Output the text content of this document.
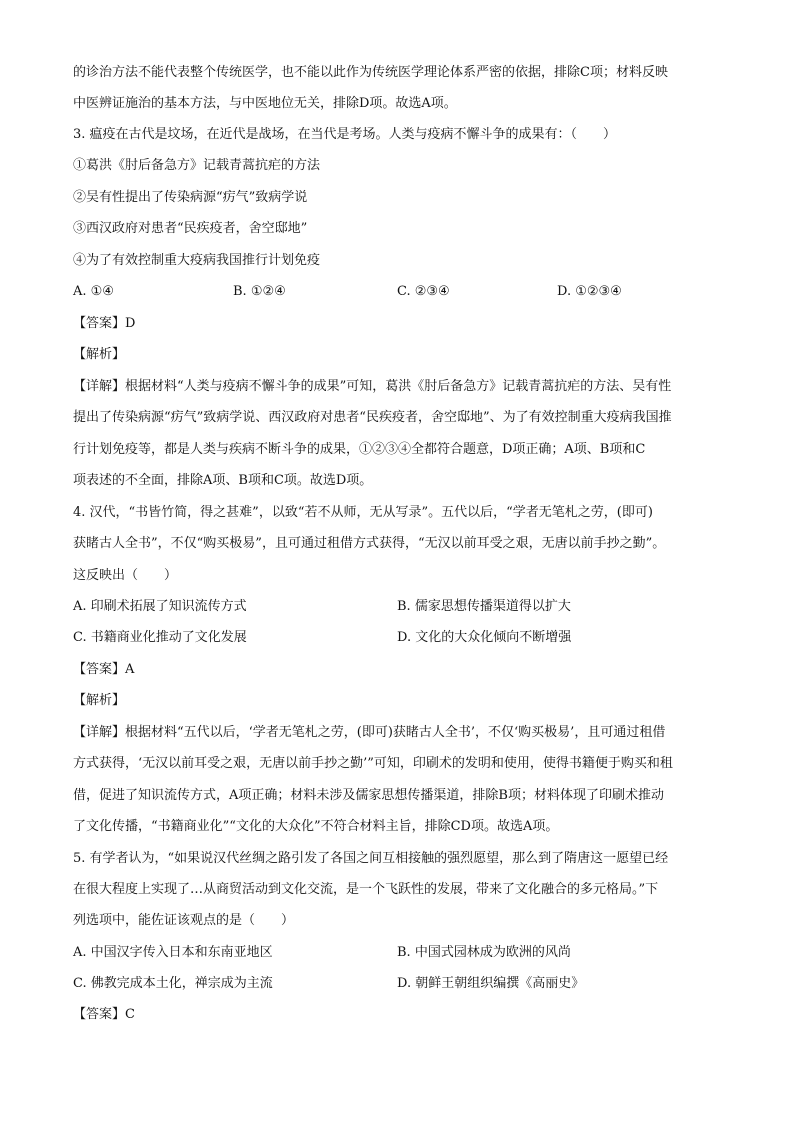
的诊治方法不能代表整个传统医学，也不能以此作为传统医学理论体系严密的依据，排除C项；材料反映
中医辨证施治的基本方法，与中医地位无关，排除D项。故选A项。
3. 瘟疫在古代是坟场，在近代是战场，在当代是考场。人类与疫病不懈斗争的成果有：（　　）
①葛洪《肘后备急方》记载青蒿抗疟的方法
②吴有性提出了传染病源“疠气”致病学说
③西汉政府对患者“民疾疫者，舍空邸地”
④为了有效控制重大疫病我国推行计划免疫
A. ①④	B. ①②④	C. ②③④	D. ①②③④
【答案】D
【解析】
【详解】根据材料“人类与疫病不懈斗争的成果”可知，葛洪《肘后备急方》记载青蒿抗疟的方法、吴有性
提出了传染病源“疠气”致病学说、西汉政府对患者“民疾疫者，舍空邸地”、为了有效控制重大疫病我国推
行计划免疫等，都是人类与疾病不断斗争的成果，①②③④全都符合题意，D项正确；A项、B项和C
项表述的不全面，排除A项、B项和C项。故选D项。
4. 汉代，“书皆竹简，得之甚难”，以致“若不从师，无从写录”。五代以后，“学者无笔札之劳，(即可)
获睹古人全书”，不仅“购买极易”，且可通过租借方式获得，“无汉以前耳受之艰，无唐以前手抄之勤”。
这反映出（　　）
A. 印刷术拓展了知识流传方式	B. 儒家思想传播渠道得以扩大
C. 书籍商业化推动了文化发展	D. 文化的大众化倾向不断增强
【答案】A
【解析】
【详解】根据材料“五代以后，‘学者无笔札之劳，(即可)获睹古人全书’，不仅‘购买极易’，且可通过租借
方式获得，‘无汉以前耳受之艰，无唐以前手抄之勤’”可知，印刷术的发明和使用，使得书籍便于购买和租
借，促进了知识流传方式，A项正确；材料未涉及儒家思想传播渠道，排除B项；材料体现了印刷术推动
了文化传播，“书籍商业化”“文化的大众化”不符合材料主旨，排除CD项。故选A项。
5. 有学者认为，“如果说汉代丝绸之路引发了各国之间互相接触的强烈愿望，那么到了隋唐这一愿望已经
在很大程度上实现了…从商贸活动到文化交流，是一个飞跃性的发展，带来了文化融合的多元格局。”下
列选项中，能佐证该观点的是（　　）
A. 中国汉字传入日本和东南亚地区	B. 中国式园林成为欧洲的风尚
C. 佛教完成本土化，禅宗成为主流	D. 朝鲜王朝组织编撰《高丽史》
【答案】C
